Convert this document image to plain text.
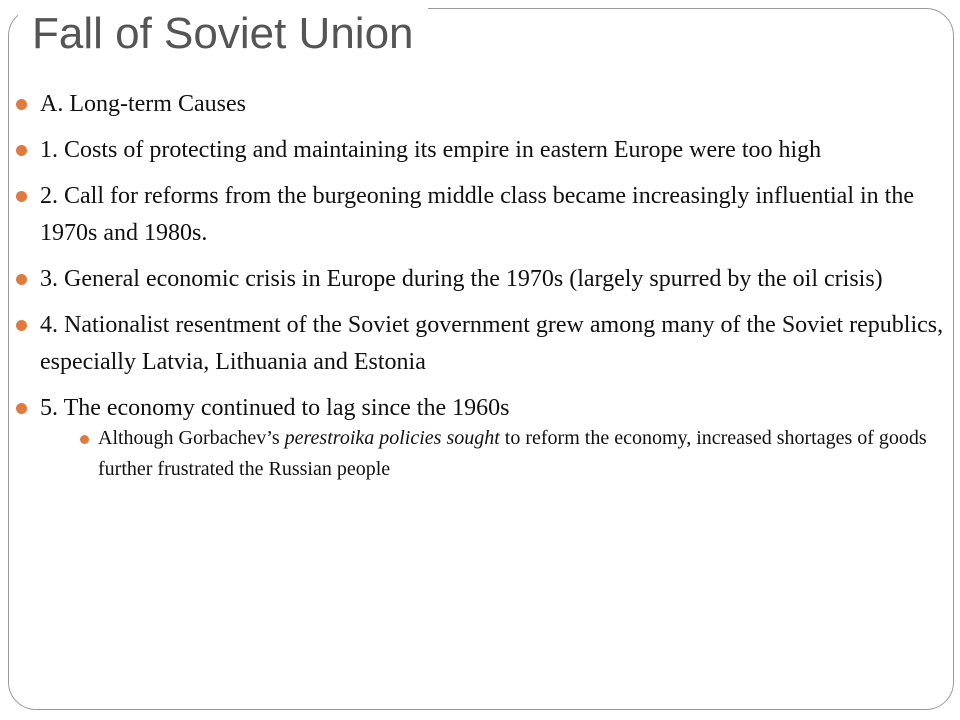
Fall of Soviet Union
A. Long-term Causes
1. Costs of protecting and maintaining its empire in eastern Europe were too high
2. Call for reforms from the burgeoning middle class became increasingly influential in the 1970s and 1980s.
3. General economic crisis in Europe during the 1970s (largely spurred by the oil crisis)
4. Nationalist resentment of the Soviet government grew among many of the Soviet republics, especially Latvia, Lithuania and Estonia
5. The economy continued to lag since the 1960s
Although Gorbachev’s perestroika policies sought to reform the economy, increased shortages of goods further frustrated the Russian people
